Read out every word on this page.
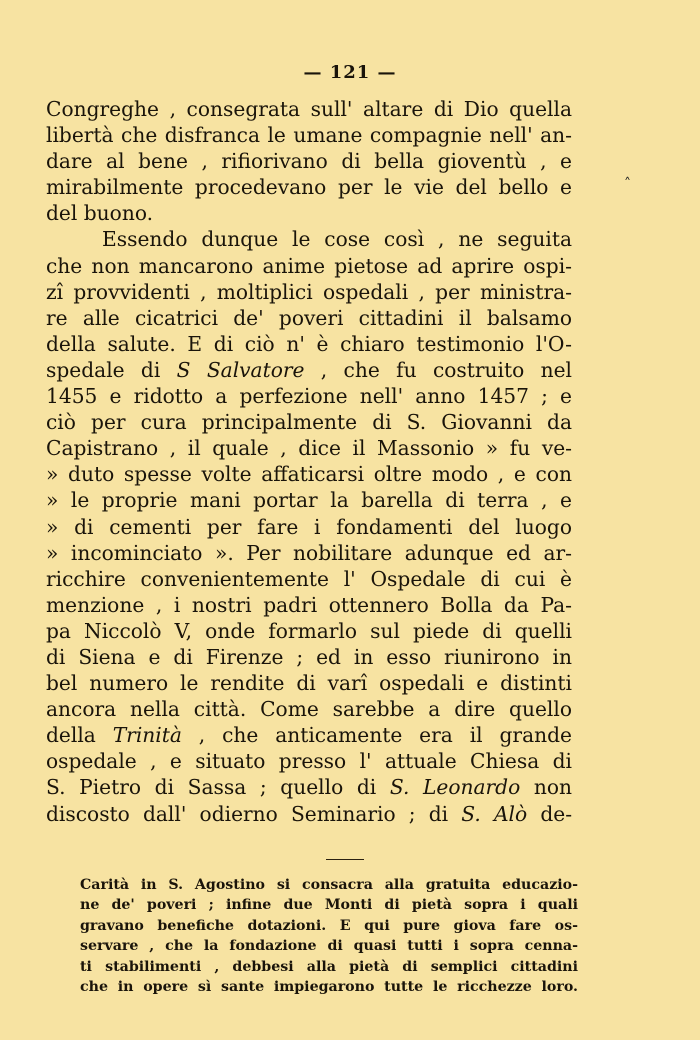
— 121 —
˄
Congreghe , consegrata sull' altare di Dio quella
libertà che disfranca le umane compagnie nell' an-
dare al bene , rifiorivano di bella gioventù , e
mirabilmente procedevano per le vie del bello e
del buono.
Essendo dunque le cose così , ne seguita
che non mancarono anime pietose ad aprire ospi-
zî provvidenti , moltiplici ospedali , per ministra-
re alle cicatrici de' poveri cittadini il balsamo
della salute. E di ciò n' è chiaro testimonio l'O-
spedale di S Salvatore , che fu costruito nel
1455 e ridotto a perfezione nell' anno 1457 ; e
ciò per cura principalmente di S. Giovanni da
Capistrano , il quale , dice il Massonio » fu ve-
» duto spesse volte affaticarsi oltre modo , e con
» le proprie mani portar la barella di terra , e
» di cementi per fare i fondamenti del luogo
» incominciato ». Per nobilitare adunque ed ar-
ricchire convenientemente l' Ospedale di cui è
menzione , i nostri padri ottennero Bolla da Pa-
pa Niccolò V, onde formarlo sul piede di quelli
di Siena e di Firenze ; ed in esso riunirono in
bel numero le rendite di varî ospedali e distinti
ancora nella città. Come sarebbe a dire quello
della Trinità , che anticamente era il grande
ospedale , e situato presso l' attuale Chiesa di
S. Pietro di Sassa ; quello di S. Leonardo non
discosto dall' odierno Seminario ; di S. Alò de-
Carità in S. Agostino si consacra alla gratuita educazio-
ne de' poveri ; infine due Monti di pietà sopra i quali
gravano benefiche dotazioni. E qui pure giova fare os-
servare , che la fondazione di quasi tutti i sopra cenna-
ti stabilimenti , debbesi alla pietà di semplici cittadini
che in opere sì sante impiegarono tutte le ricchezze loro.
